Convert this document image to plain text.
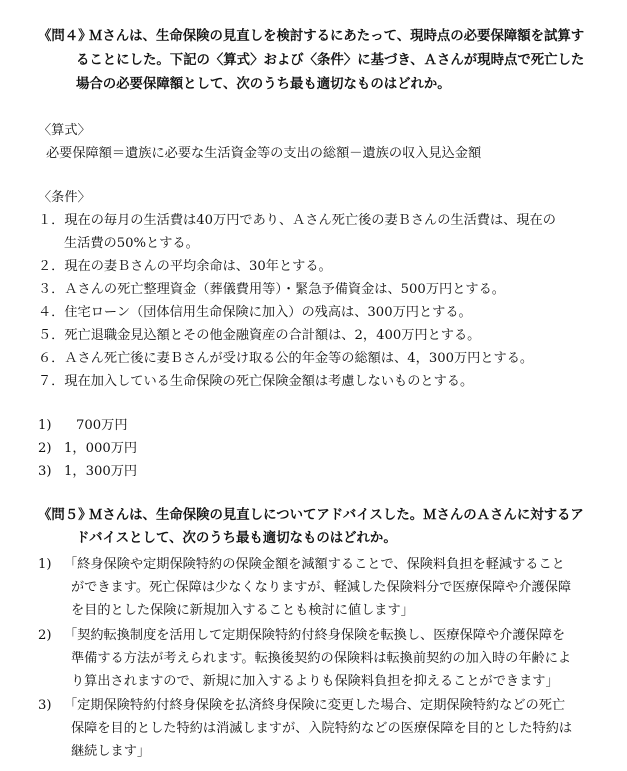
《問４》
Ｍさんは、生命保険の見直しを検討するにあたって、現時点の必要保障額を試算す
ることにした。下記の〈算式〉および〈条件〉に基づき、Ａさんが現時点で死亡した
場合の必要保障額として、次のうち最も適切なものはどれか。
〈算式〉
必要保障額＝遺族に必要な生活資金等の支出の総額－遺族の収入見込金額
〈条件〉
１．現在の毎月の生活費は40万円であり、Ａさん死亡後の妻Ｂさんの生活費は、現在の
生活費の50%とする。
２．現在の妻Ｂさんの平均余命は、30年とする。
３．Ａさんの死亡整理資金（葬儀費用等）・緊急予備資金は、500万円とする。
４．住宅ローン（団体信用生命保険に加入）の残高は、300万円とする。
５．死亡退職金見込額とその他金融資産の合計額は、2，400万円とする。
６．Ａさん死亡後に妻Ｂさんが受け取る公的年金等の総額は、4，300万円とする。
７．現在加入している生命保険の死亡保険金額は考慮しないものとする。
1) 700万円
2) 1，000万円
3) 1，300万円
《問５》
Ｍさんは、生命保険の見直しについてアドバイスした。ＭさんのＡさんに対するア
ドバイスとして、次のうち最も適切なものはどれか。
1) 「終身保険や定期保険特約の保険金額を減額することで、保険料負担を軽減すること
ができます。死亡保障は少なくなりますが、軽減した保険料分で医療保障や介護保障
を目的とした保険に新規加入することも検討に値します」
2) 「契約転換制度を活用して定期保険特約付終身保険を転換し、医療保障や介護保障を
準備する方法が考えられます。転換後契約の保険料は転換前契約の加入時の年齢によ
り算出されますので、新規に加入するよりも保険料負担を抑えることができます」
3) 「定期保険特約付終身保険を払済終身保険に変更した場合、定期保険特約などの死亡
保障を目的とした特約は消滅しますが、入院特約などの医療保障を目的とした特約は
継続します」
